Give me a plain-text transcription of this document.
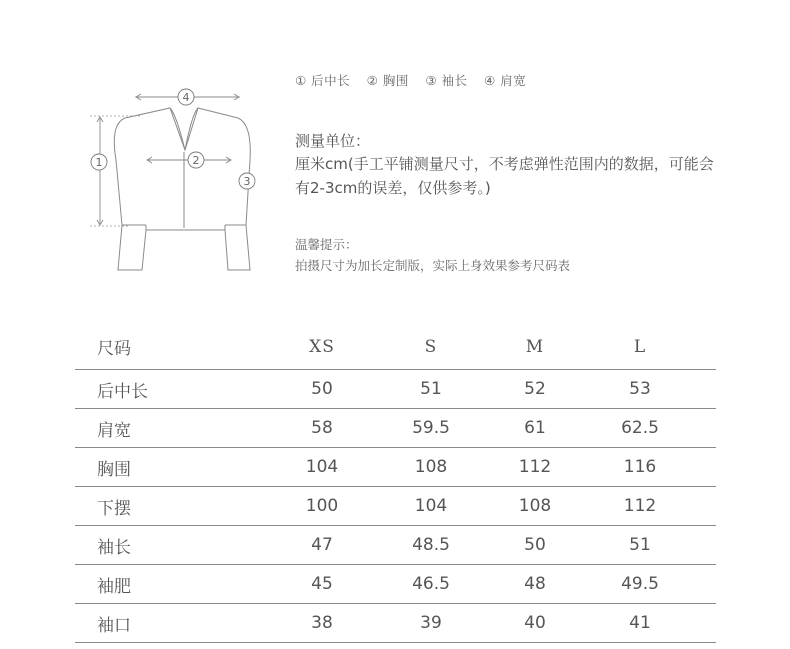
1
4
2
3
① 后中长 ② 胸围 ③ 袖长 ④ 肩宽
测量单位：
厘米cm(手工平铺测量尺寸，不考虑弹性范围内的数据，可能会有2-3cm的误差，仅供参考。)
温馨提示：
拍摄尺寸为加长定制版，实际上身效果参考尺码表
尺码	XS	S	M	L
后中长	50	51	52	53
肩宽	58	59.5	61	62.5
胸围	104	108	112	116
下摆	100	104	108	112
袖长	47	48.5	50	51
袖肥	45	46.5	48	49.5
袖口	38	39	40	41
